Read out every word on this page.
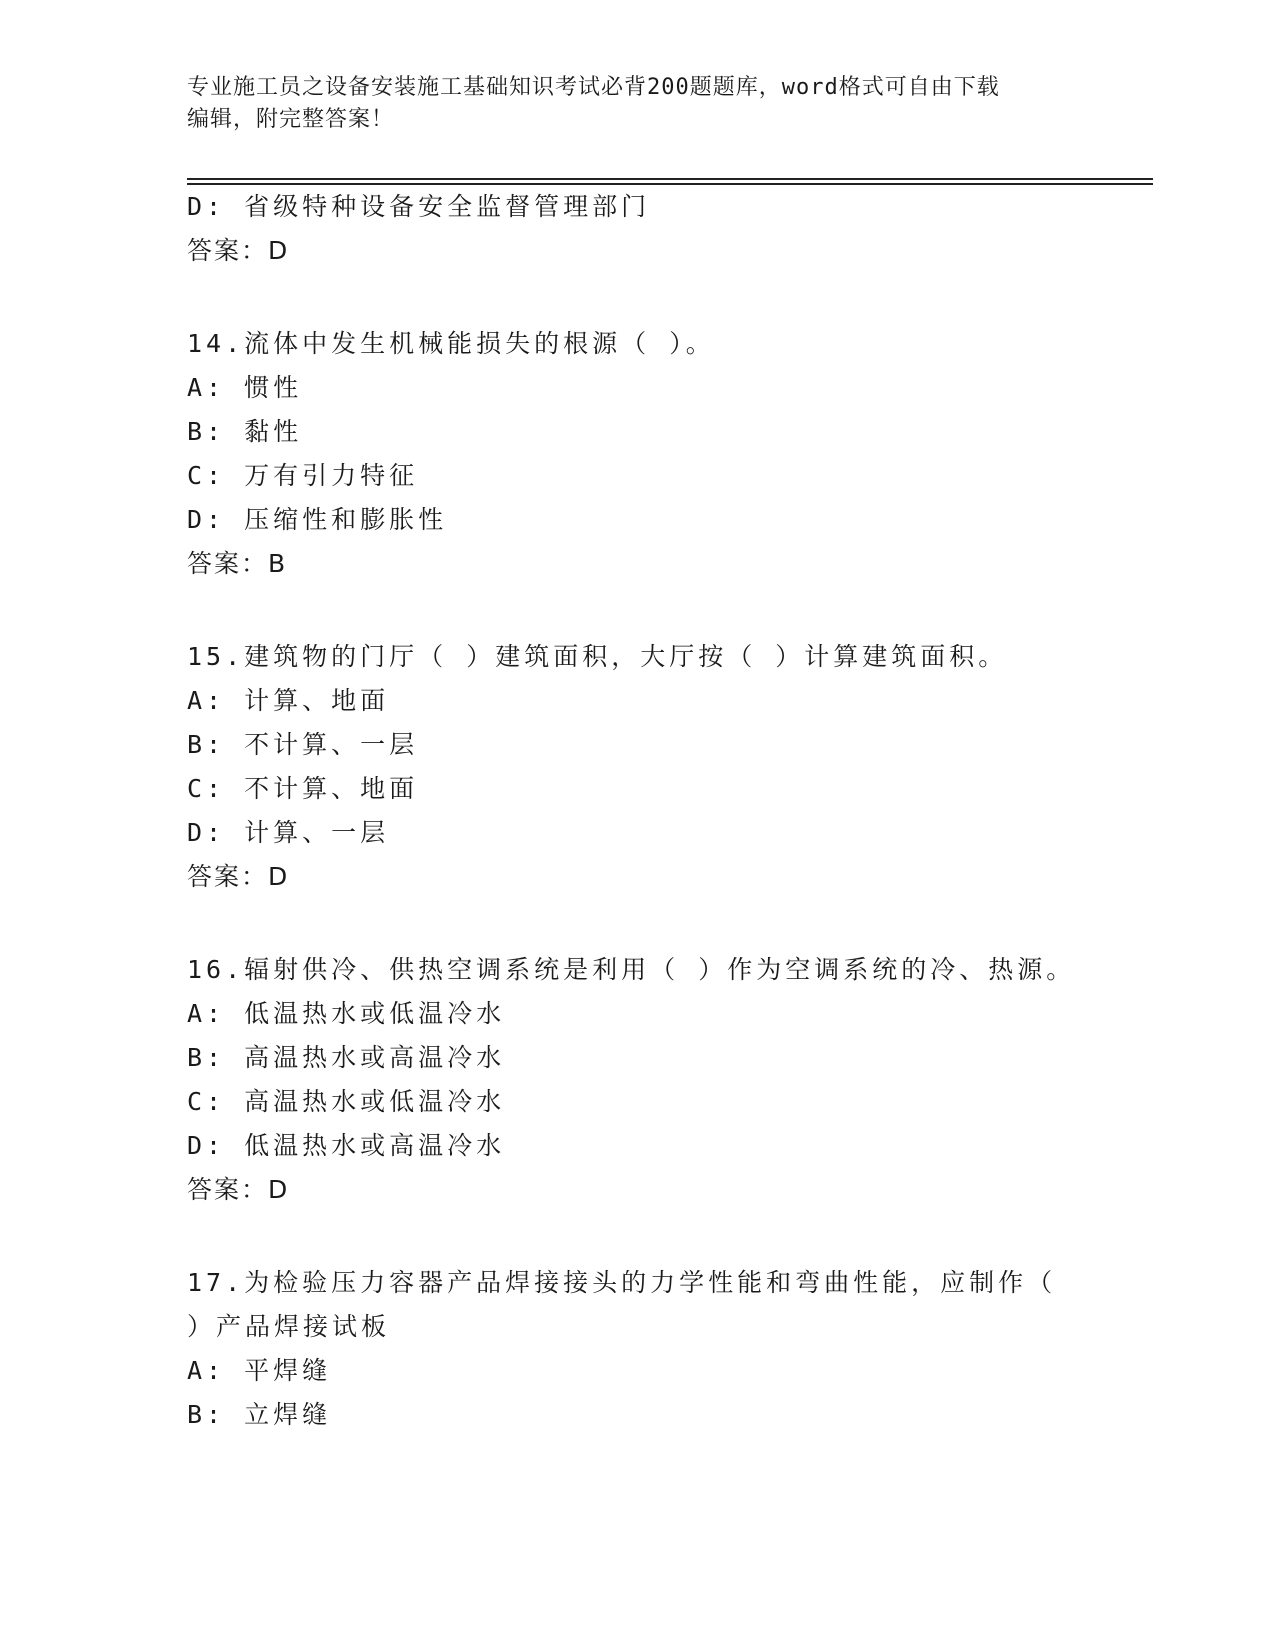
专业施工员之设备安装施工基础知识考试必背200题题库，word格式可自由下载
编辑，附完整答案！
D: 省级特种设备安全监督管理部门
答案：D
14.流体中发生机械能损失的根源（ ）。
A: 惯性
B: 黏性
C: 万有引力特征
D: 压缩性和膨胀性
答案：B
15.建筑物的门厅（ ）建筑面积，大厅按（ ）计算建筑面积。
A: 计算、地面
B: 不计算、一层
C: 不计算、地面
D: 计算、一层
答案：D
16.辐射供冷、供热空调系统是利用（ ）作为空调系统的冷、热源。
A: 低温热水或低温冷水
B: 高温热水或高温冷水
C: 高温热水或低温冷水
D: 低温热水或高温冷水
答案：D
17.为检验压力容器产品焊接接头的力学性能和弯曲性能，应制作（
）产品焊接试板
A: 平焊缝
B: 立焊缝
